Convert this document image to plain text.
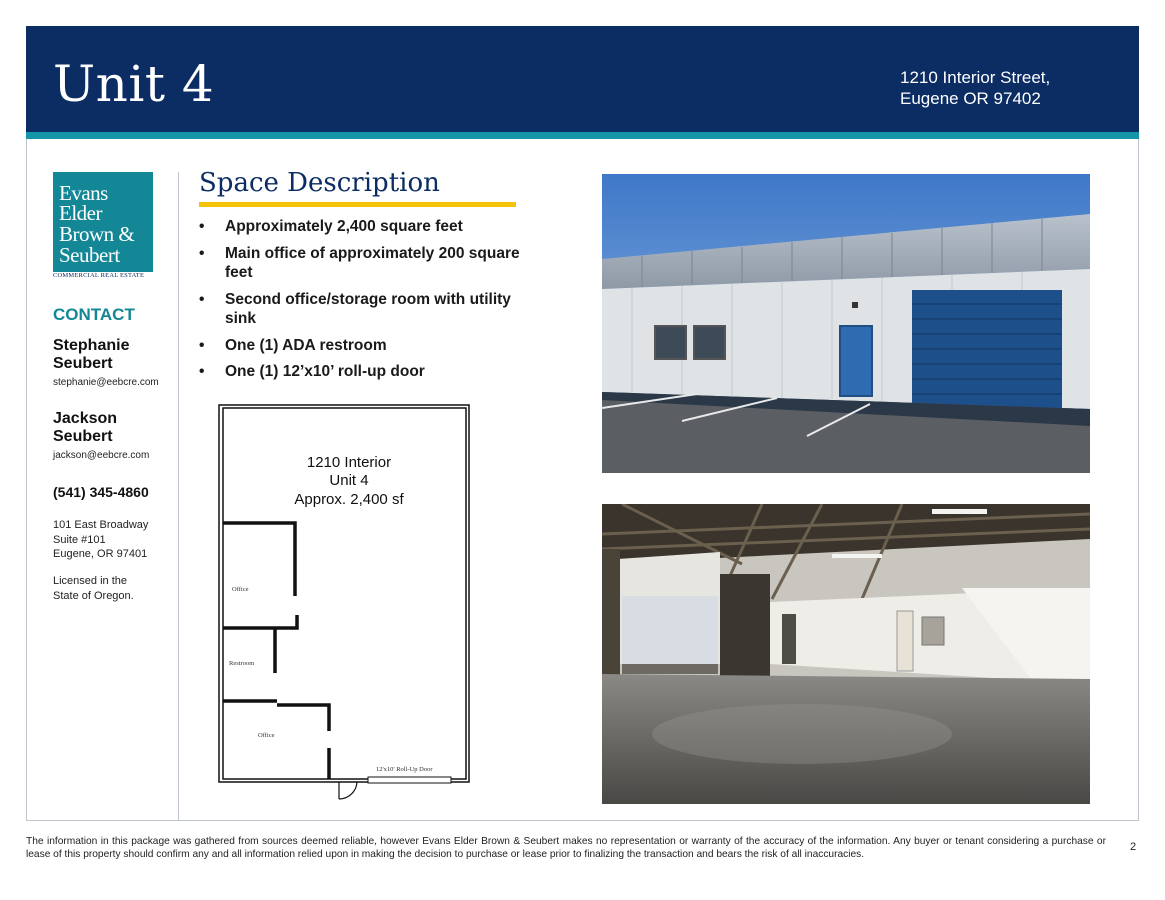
Unit 4	1210 Interior Street,
Eugene OR 97402
Evans
Elder
Brown &
Seubert
COMMERCIAL REAL ESTATE
CONTACT
Stephanie
Seubert
stephanie@eebcre.com
Jackson
Seubert
jackson@eebcre.com
(541) 345-4860
101 East Broadway
Suite #101
Eugene, OR 97401
Licensed in the
State of Oregon.
Space Description
• Approximately 2,400 square feet
• Main office of approximately 200 square feet
• Second office/storage room with utility sink
• One (1) ADA restroom
• One (1) 12’x10’ roll-up door
1210 Interior
Unit 4
Approx. 2,400 sf
Office
Restroom
Office
12'x10' Roll-Up Door
The information in this package was gathered from sources deemed reliable, however Evans Elder Brown & Seubert makes no representation or warranty of the accuracy of the information. Any buyer or tenant considering a purchase or lease of this property should confirm any and all information relied upon in making the decision to purchase or lease prior to finalizing the transaction and bears the risk of all inaccuracies.
2
